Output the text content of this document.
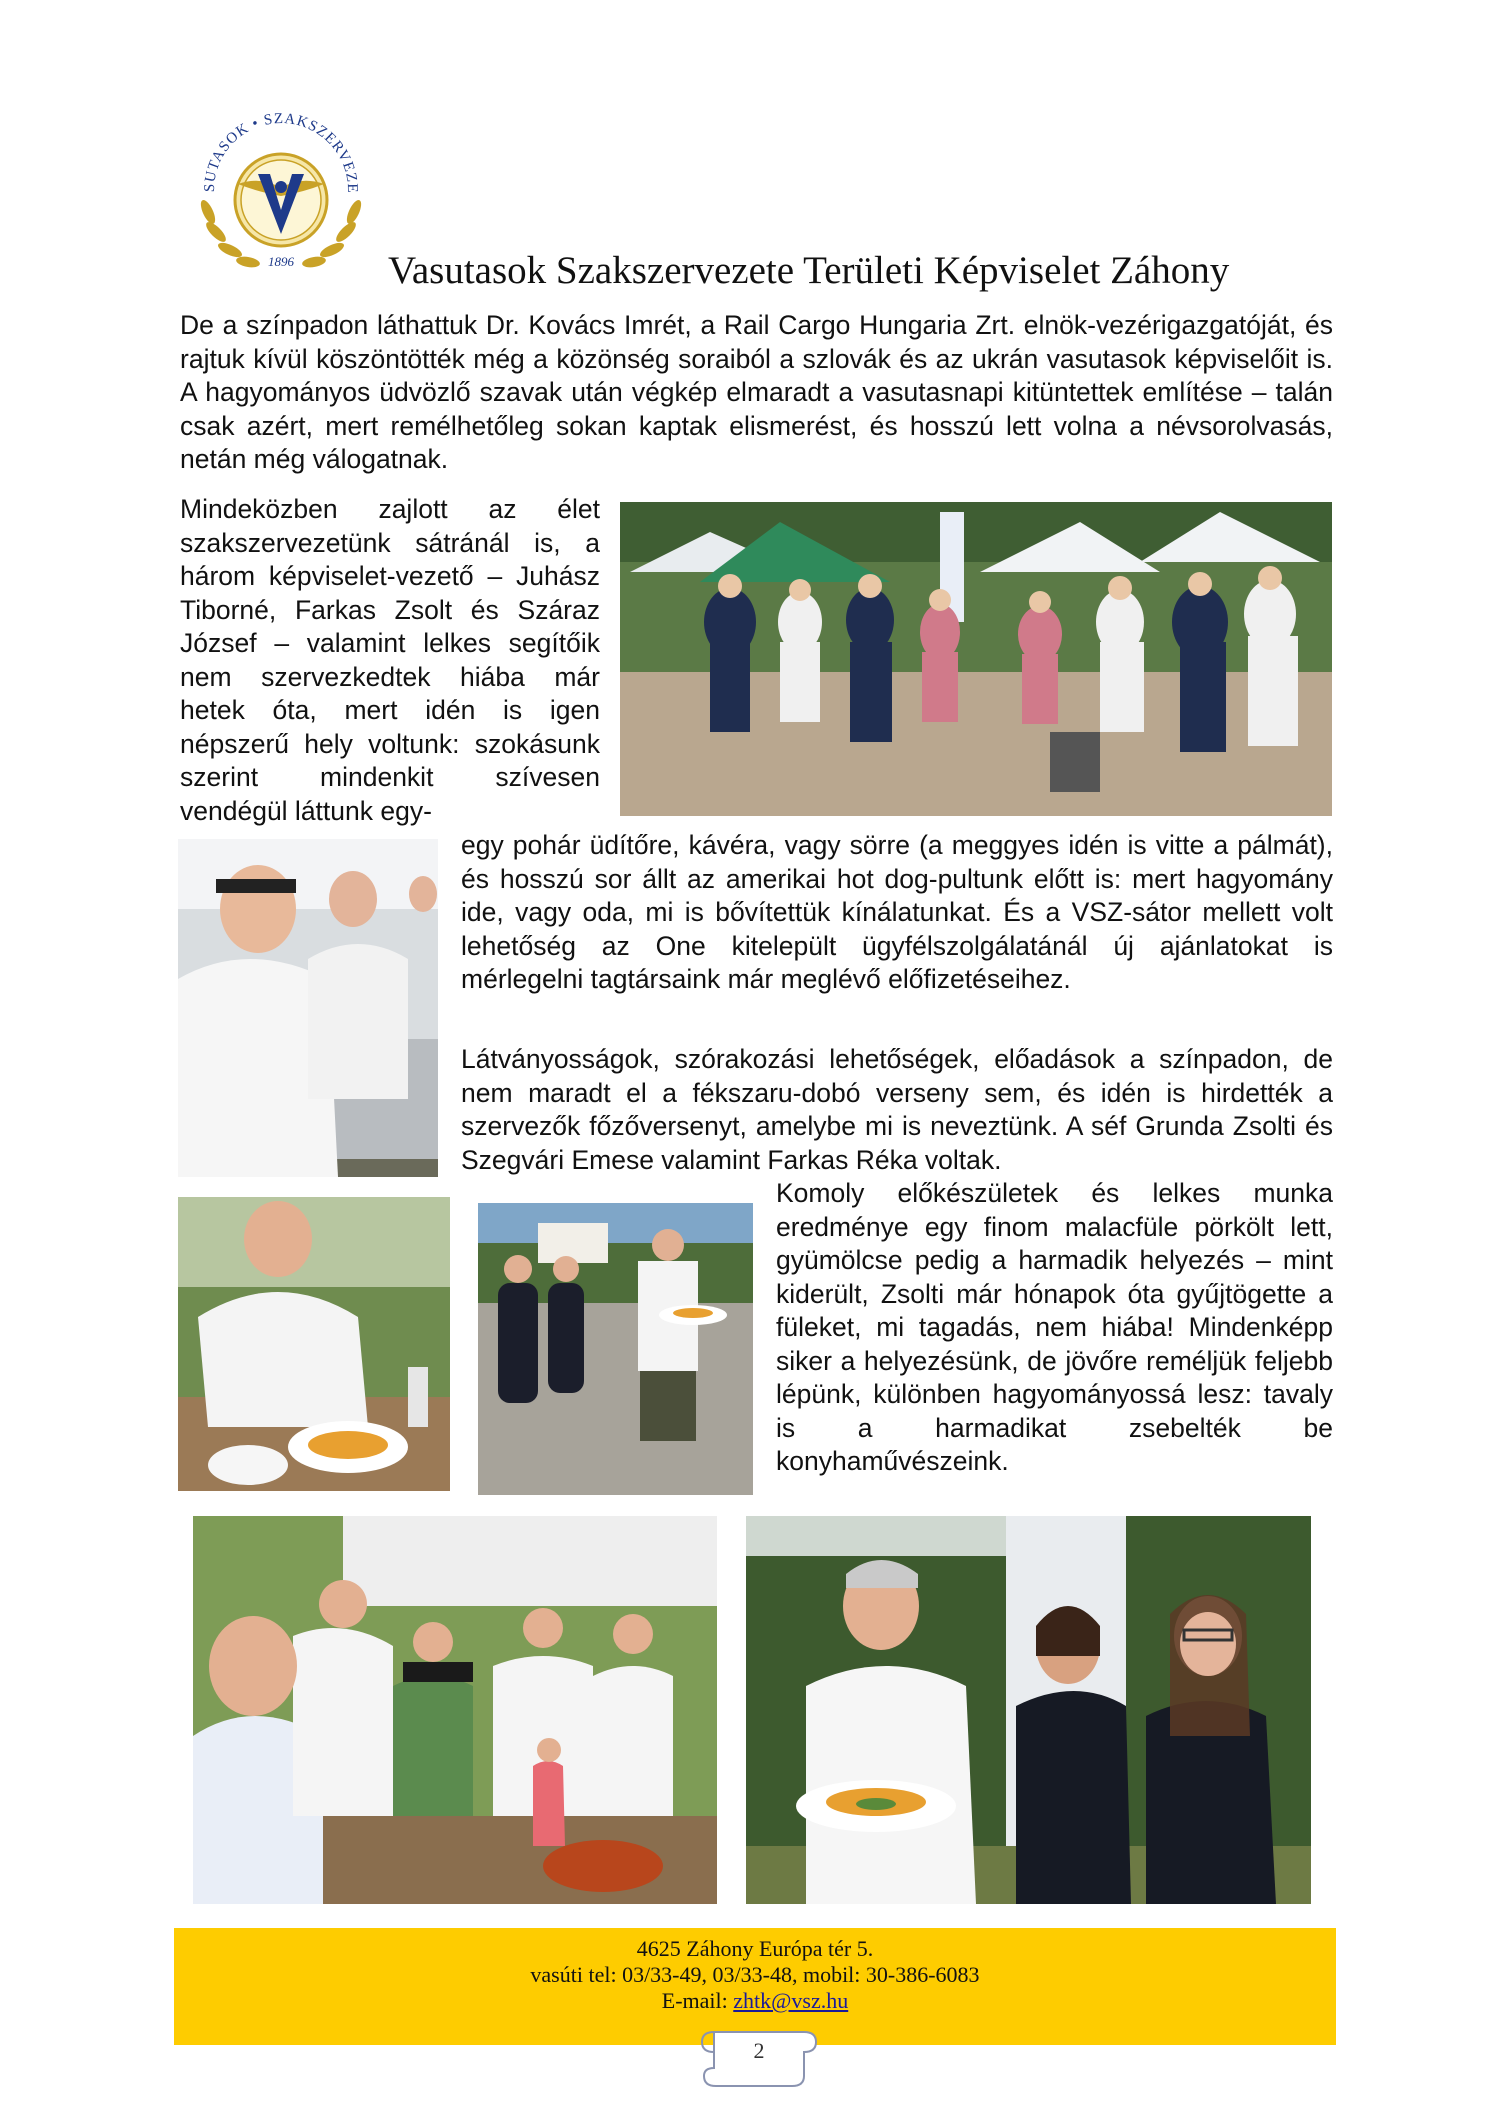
SUTASOK • SZAKSZERVEZE
1896 Vasutasok Szakszervezete Területi Képviselet Záhony

De a színpadon láthattuk Dr. Kovács Imrét, a Rail Cargo Hungaria Zrt. elnök-vezérigazgatóját, és rajtuk kívül köszöntötték még a közönség soraiból a szlovák és az ukrán vasutasok képviselőit is. A hagyományos üdvözlő szavak után végkép elmaradt a vasutasnapi kitüntettek említése – talán csak azért, mert remélhetőleg sokan kaptak elismerést, és hosszú lett volna a névsorolvasás, netán még válogatnak.

Mindeközben zajlott az élet szakszervezetünk sátránál is, a három képviselet-vezető – Juhász Tiborné, Farkas Zsolt és Száraz József – valamint lelkes segítőik nem szervezkedtek hiába már hetek óta, mert idén is igen népszerű hely voltunk: szokásunk szerint mindenkit szívesen vendégül láttunk egy-

egy pohár üdítőre, kávéra, vagy sörre (a meggyes idén is vitte a pálmát), és hosszú sor állt az amerikai hot dog-pultunk előtt is: mert hagyomány ide, vagy oda, mi is bővítettük kínálatunkat. És a VSZ-sátor mellett volt lehetőség az One kitelepült ügyfélszolgálatánál új ajánlatokat is mérlegelni tagtársaink már meglévő előfizetéseihez.

Látványosságok, szórakozási lehetőségek, előadások a színpadon, de nem maradt el a fékszaru-dobó verseny sem, és idén is hirdették a szervezők főzőversenyt, amelybe mi is neveztünk. A séf Grunda Zsolti és Szegvári Emese valamint Farkas Réka voltak.

Komoly előkészületek és lelkes munka eredménye egy finom malacfüle pörkölt lett, gyümölcse pedig a harmadik helyezés – mint kiderült, Zsolti már hónapok óta gyűjtögette a füleket, mi tagadás, nem hiába! Mindenképp siker a helyezésünk, de jövőre reméljük feljebb lépünk, különben hagyományossá lesz: tavaly is a harmadikat zsebelték be konyhaművészeink.

4625 Záhony Európa tér 5.
vasúti tel: 03/33-49, 03/33-48, mobil: 30-386-6083
E-mail: zhtk@vsz.hu
2
